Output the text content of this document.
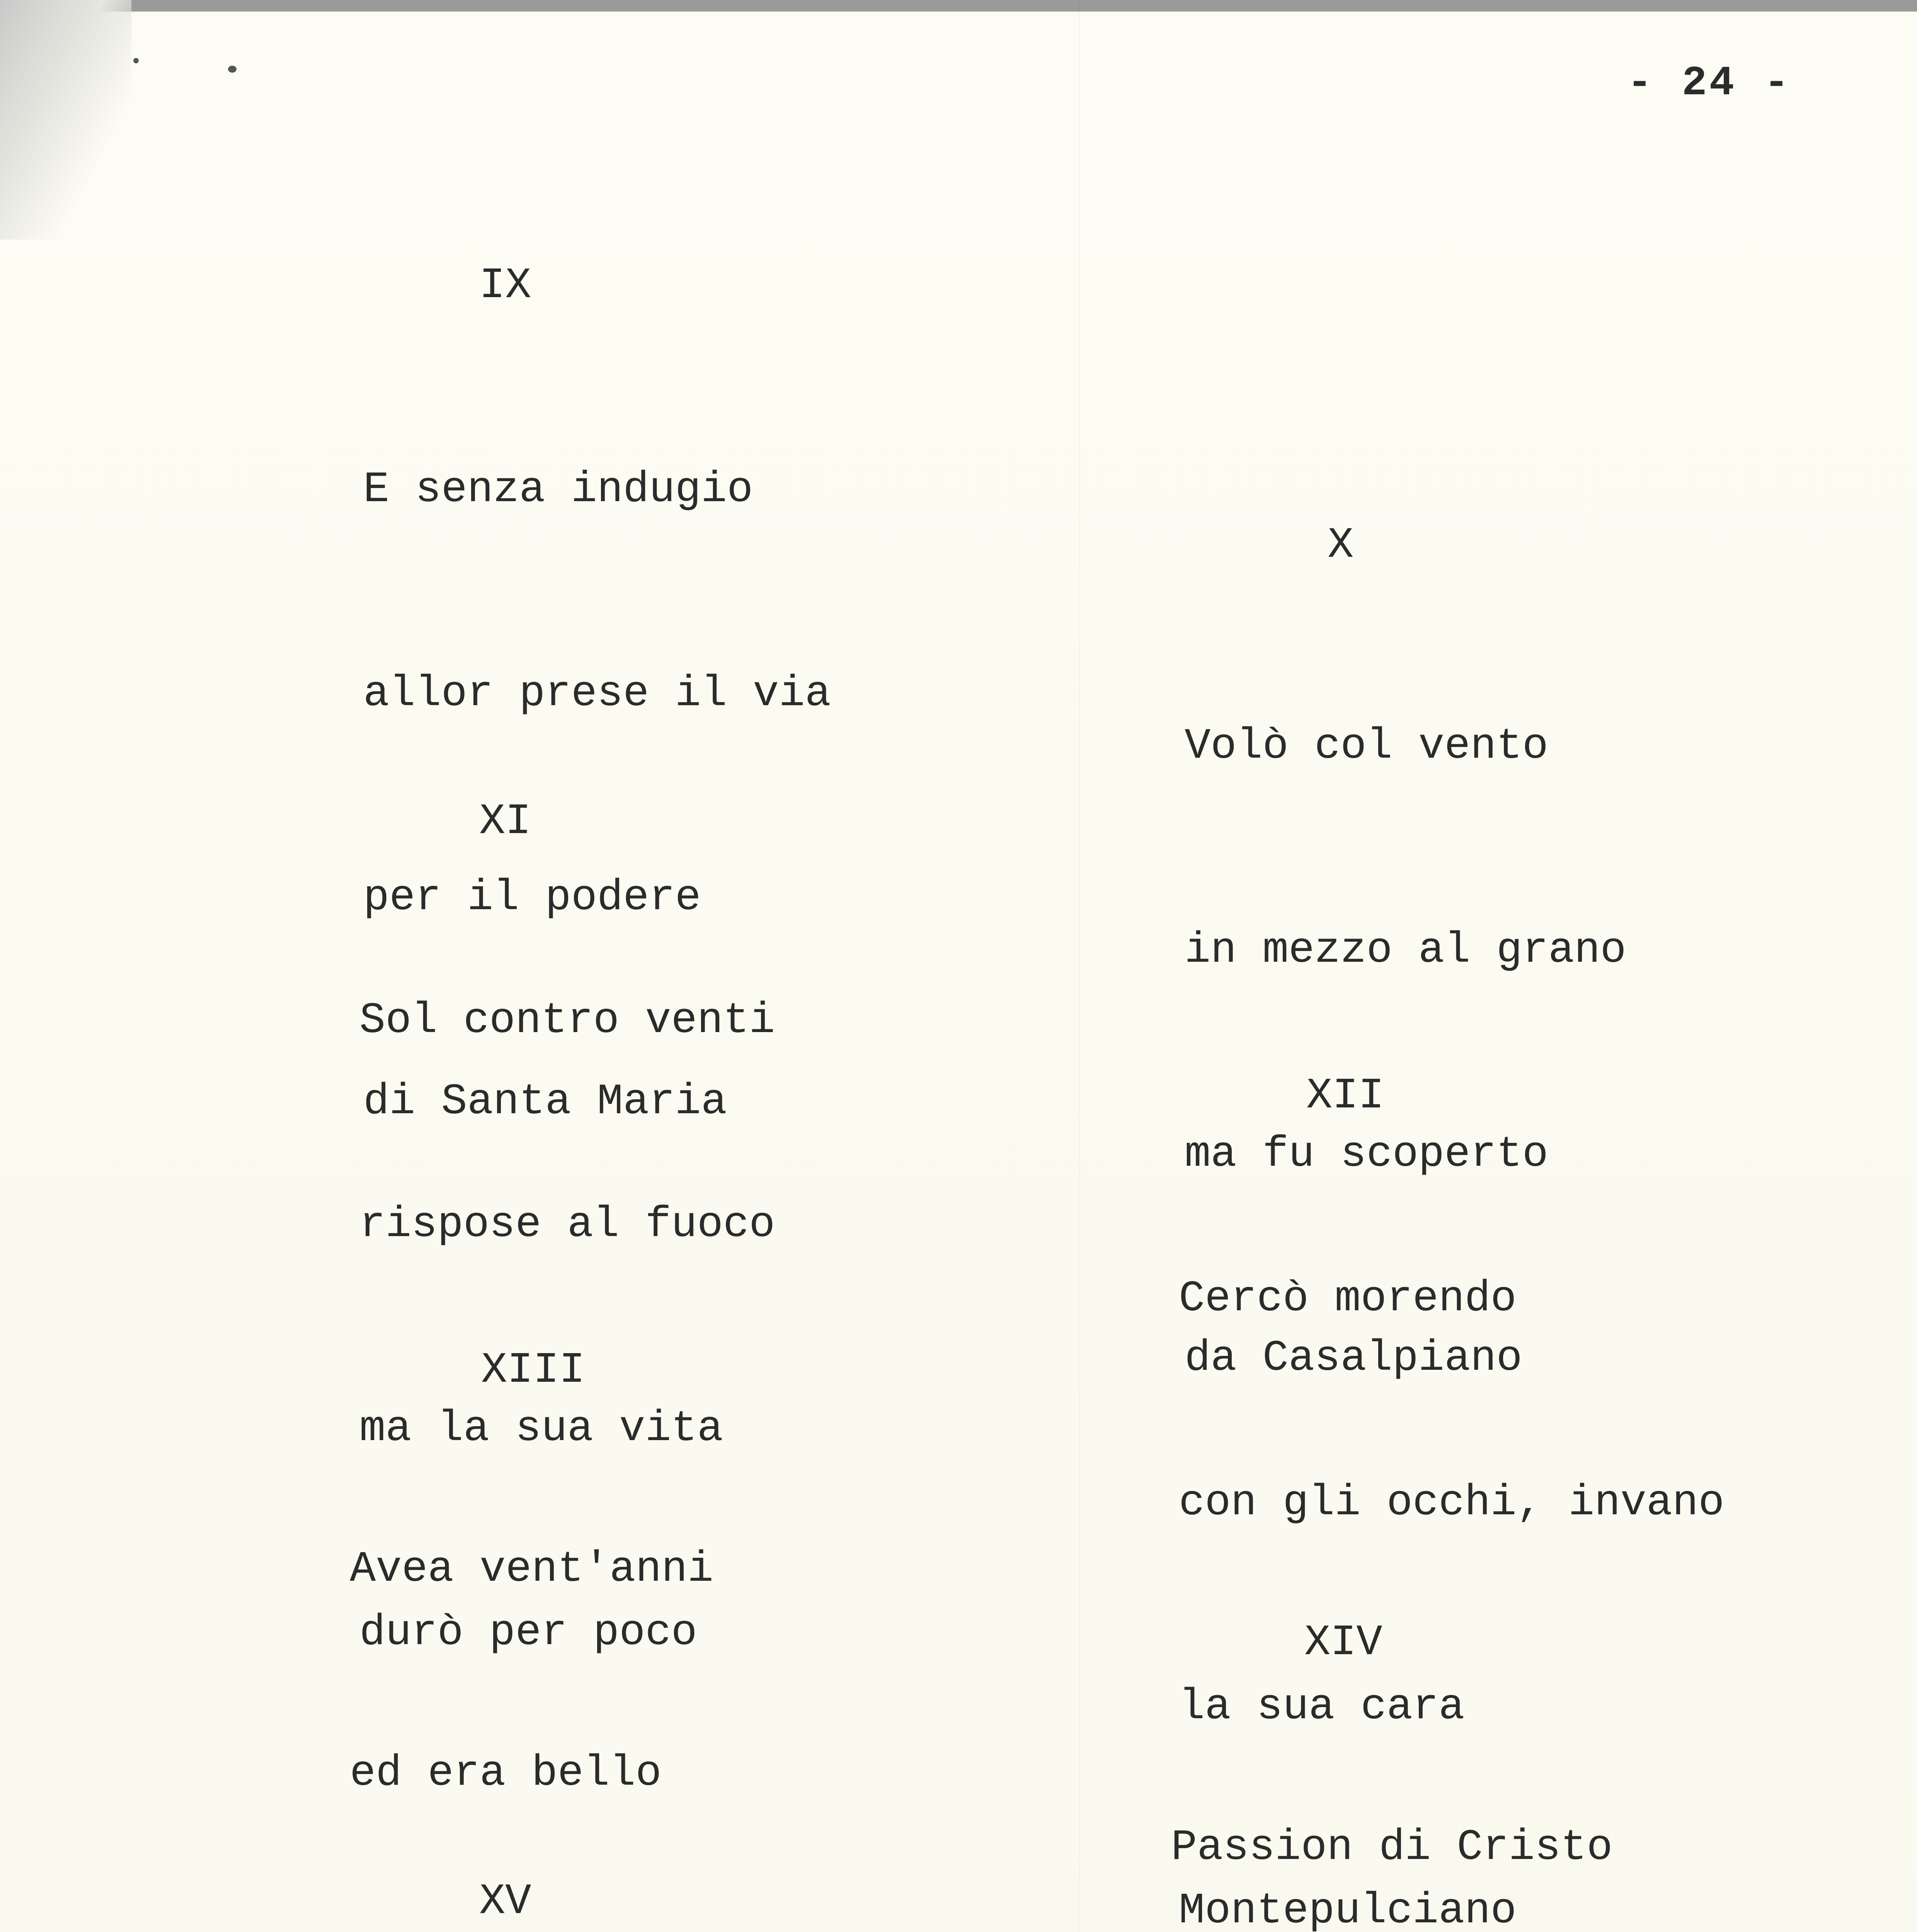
- 24 -

IX

E senza indugio

allor prese il via

per il podere

di Santa Maria

XI

Sol contro venti

rispose al fuoco

ma la sua vita

durò per poco

XIII

Avea vent'anni

ed era bello

XV

X

Volò col vento

in mezzo al grano

ma fu scoperto

da Casalpiano

XII

Cercò morendo

con gli occhi, invano

la sua cara

Montepulciano

XIV

Passion di Cristo
